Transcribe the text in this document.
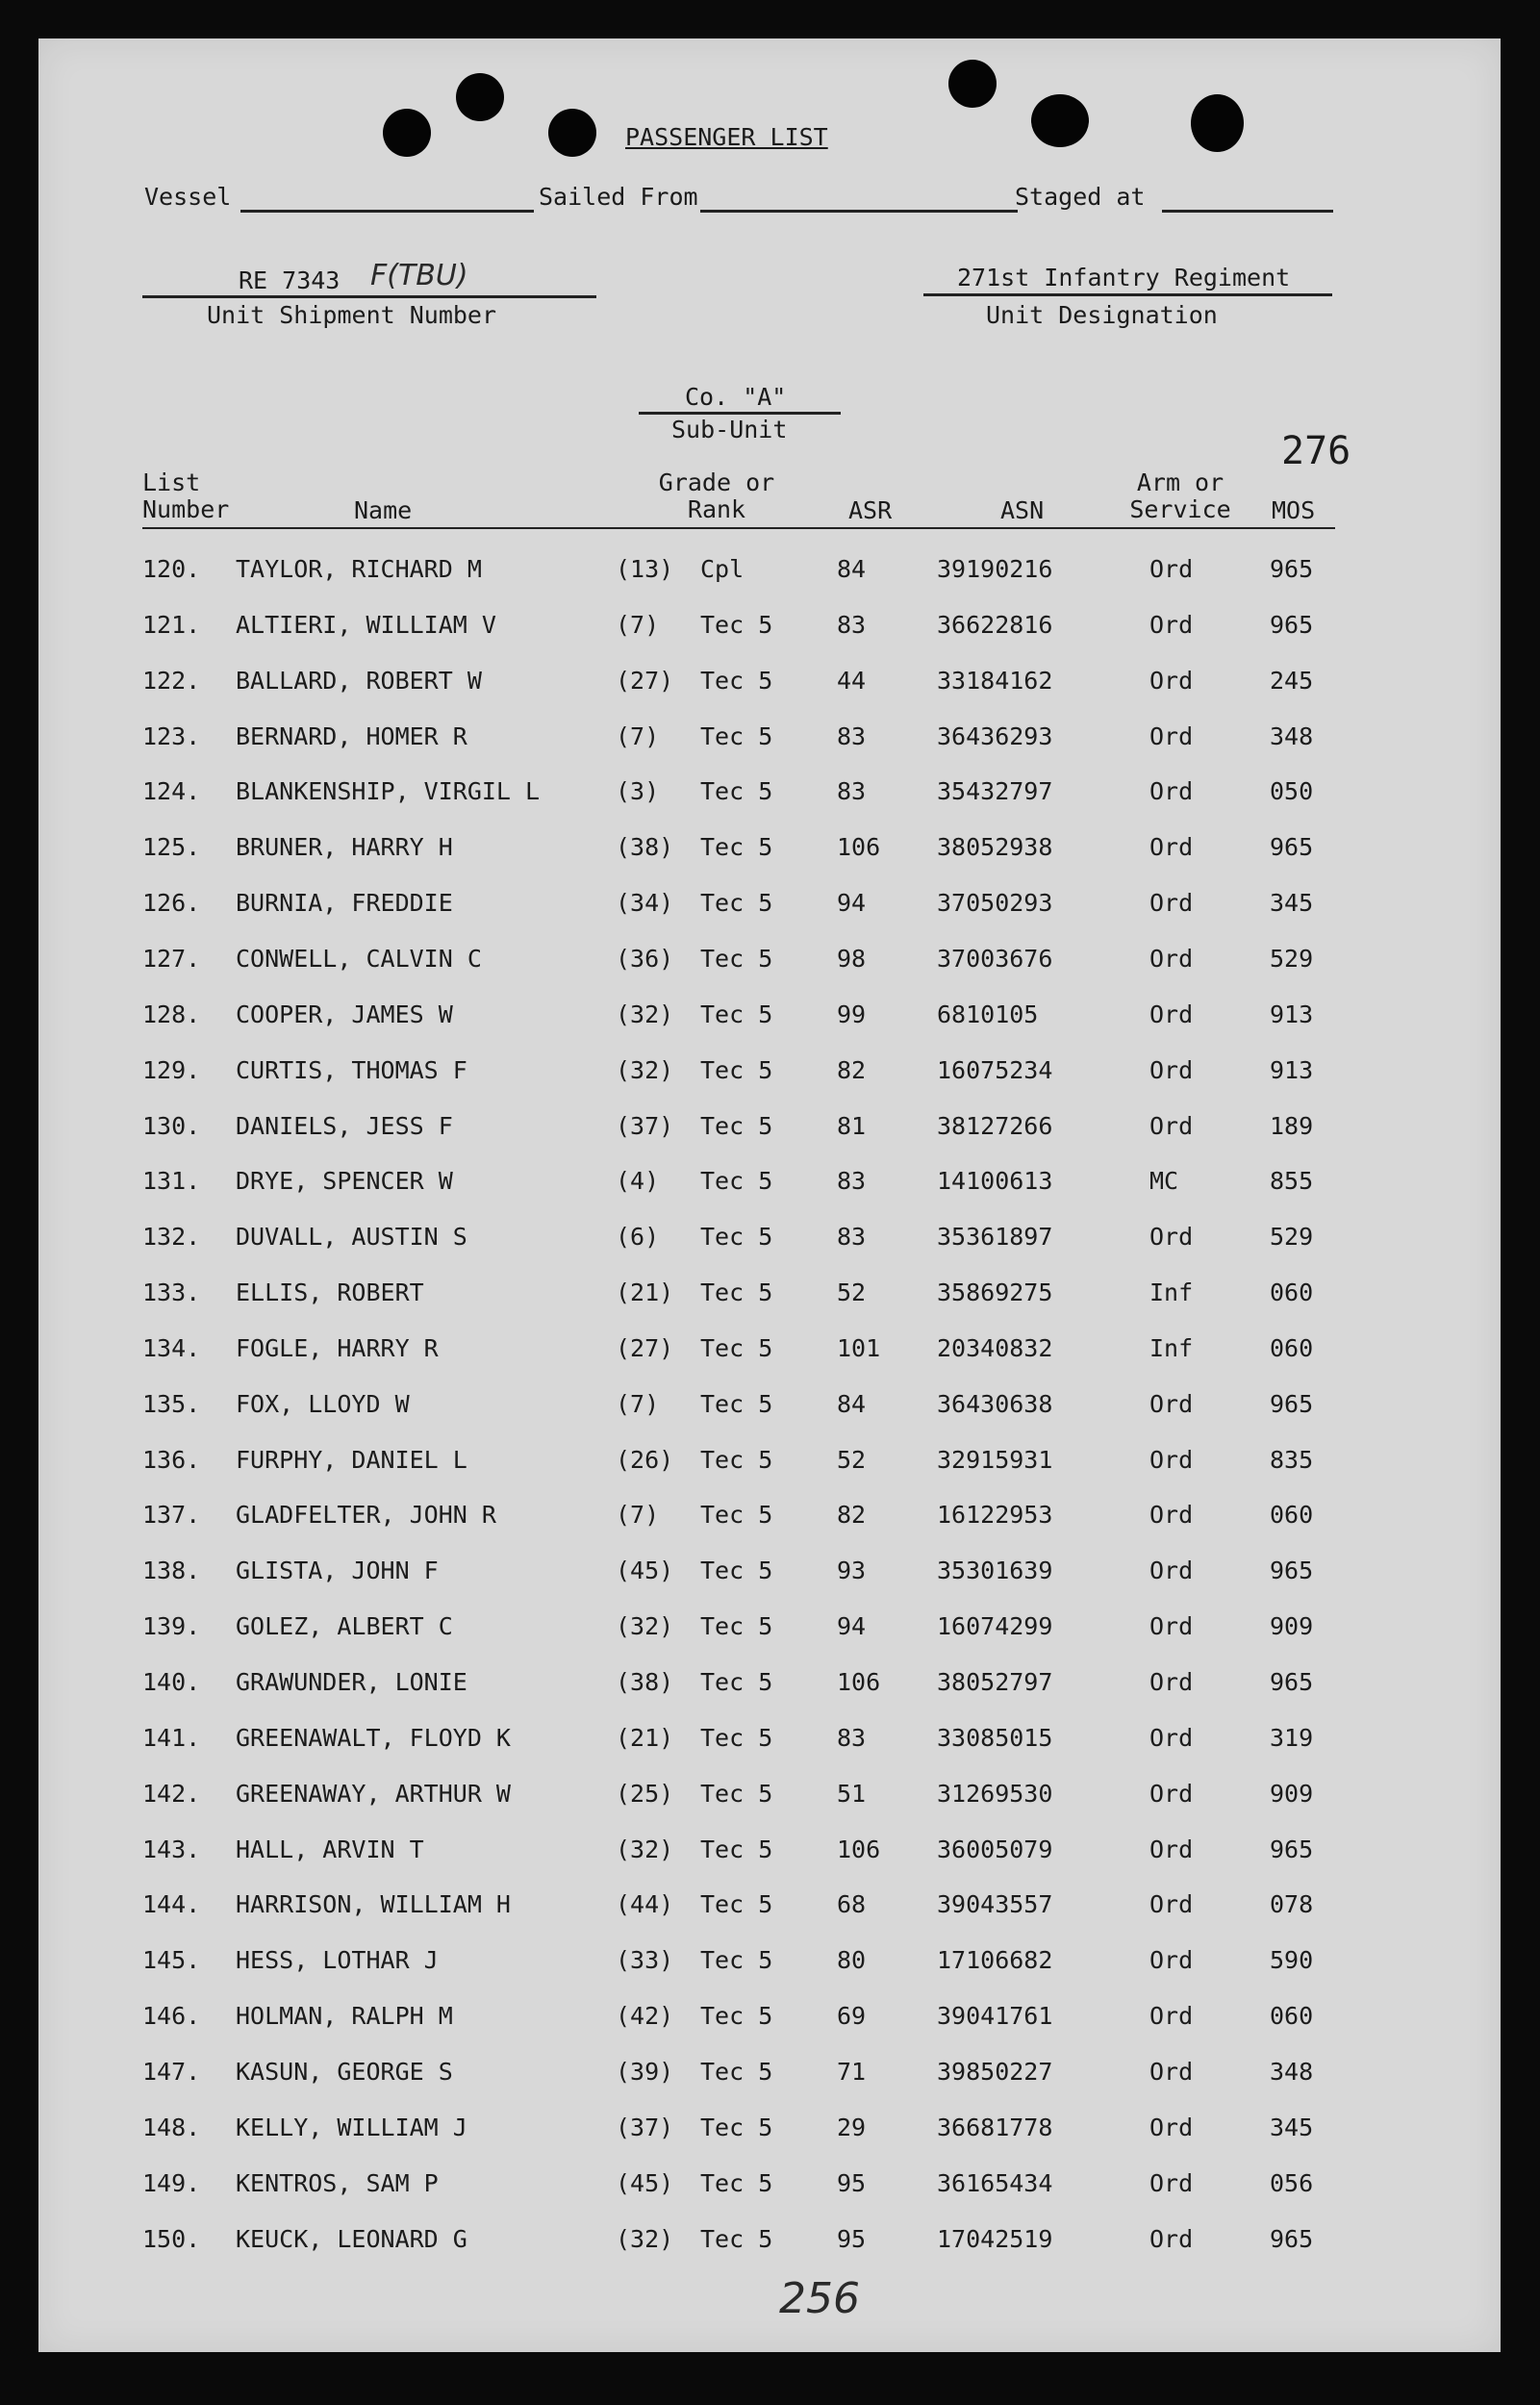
PASSENGER LIST
Vessel	Sailed From	Staged at
RE 7343 F(TBU)
Unit Shipment Number
271st Infantry Regiment
Unit Designation
Co. "A"
Sub-Unit	276
List
Number	Name
Grade or
Rank	ASR	ASN
Arm or
Service	MOS
120. TAYLOR, RICHARD M	(13) Cpl	84	39190216	Ord	965
121. ALTIERI, WILLIAM V	(7) Tec 5	83	36622816	Ord	965
122. BALLARD, ROBERT W	(27) Tec 5	44	33184162	Ord	245
123. BERNARD, HOMER R	(7) Tec 5	83	36436293	Ord	348
124. BLANKENSHIP, VIRGIL L	(3) Tec 5	83	35432797	Ord	050
125. BRUNER, HARRY H	(38) Tec 5	106 38052938	Ord	965
126. BURNIA, FREDDIE	(34) Tec 5	94	37050293	Ord	345
127. CONWELL, CALVIN C	(36) Tec 5	98	37003676	Ord	529
128. COOPER, JAMES W	(32) Tec 5	99	6810105	Ord	913
129. CURTIS, THOMAS F	(32) Tec 5	82	16075234	Ord	913
130. DANIELS, JESS F	(37) Tec 5	81	38127266	Ord	189
131. DRYE, SPENCER W	(4) Tec 5	83	14100613	MC	855
132. DUVALL, AUSTIN S	(6) Tec 5	83	35361897	Ord	529
133. ELLIS, ROBERT	(21) Tec 5	52	35869275	Inf	060
134. FOGLE, HARRY R	(27) Tec 5	101 20340832	Inf	060
135. FOX, LLOYD W	(7) Tec 5	84	36430638	Ord	965
136. FURPHY, DANIEL L	(26) Tec 5	52	32915931	Ord	835
137. GLADFELTER, JOHN R	(7) Tec 5	82	16122953	Ord	060
138. GLISTA, JOHN F	(45) Tec 5	93	35301639	Ord	965
139. GOLEZ, ALBERT C	(32) Tec 5	94	16074299	Ord	909
140. GRAWUNDER, LONIE	(38) Tec 5	106 38052797	Ord	965
141. GREENAWALT, FLOYD K	(21) Tec 5	83	33085015	Ord	319
142. GREENAWAY, ARTHUR W	(25) Tec 5	51	31269530	Ord	909
143. HALL, ARVIN T	(32) Tec 5	106 36005079	Ord	965
144. HARRISON, WILLIAM H	(44) Tec 5	68	39043557	Ord	078
145. HESS, LOTHAR J	(33) Tec 5	80	17106682	Ord	590
146. HOLMAN, RALPH M	(42) Tec 5	69	39041761	Ord	060
147. KASUN, GEORGE S	(39) Tec 5	71	39850227	Ord	348
148. KELLY, WILLIAM J	(37) Tec 5	29	36681778	Ord	345
149. KENTROS, SAM P	(45) Tec 5	95	36165434	Ord	056
150. KEUCK, LEONARD G	(32) Tec 5	95	17042519	Ord	965
256
